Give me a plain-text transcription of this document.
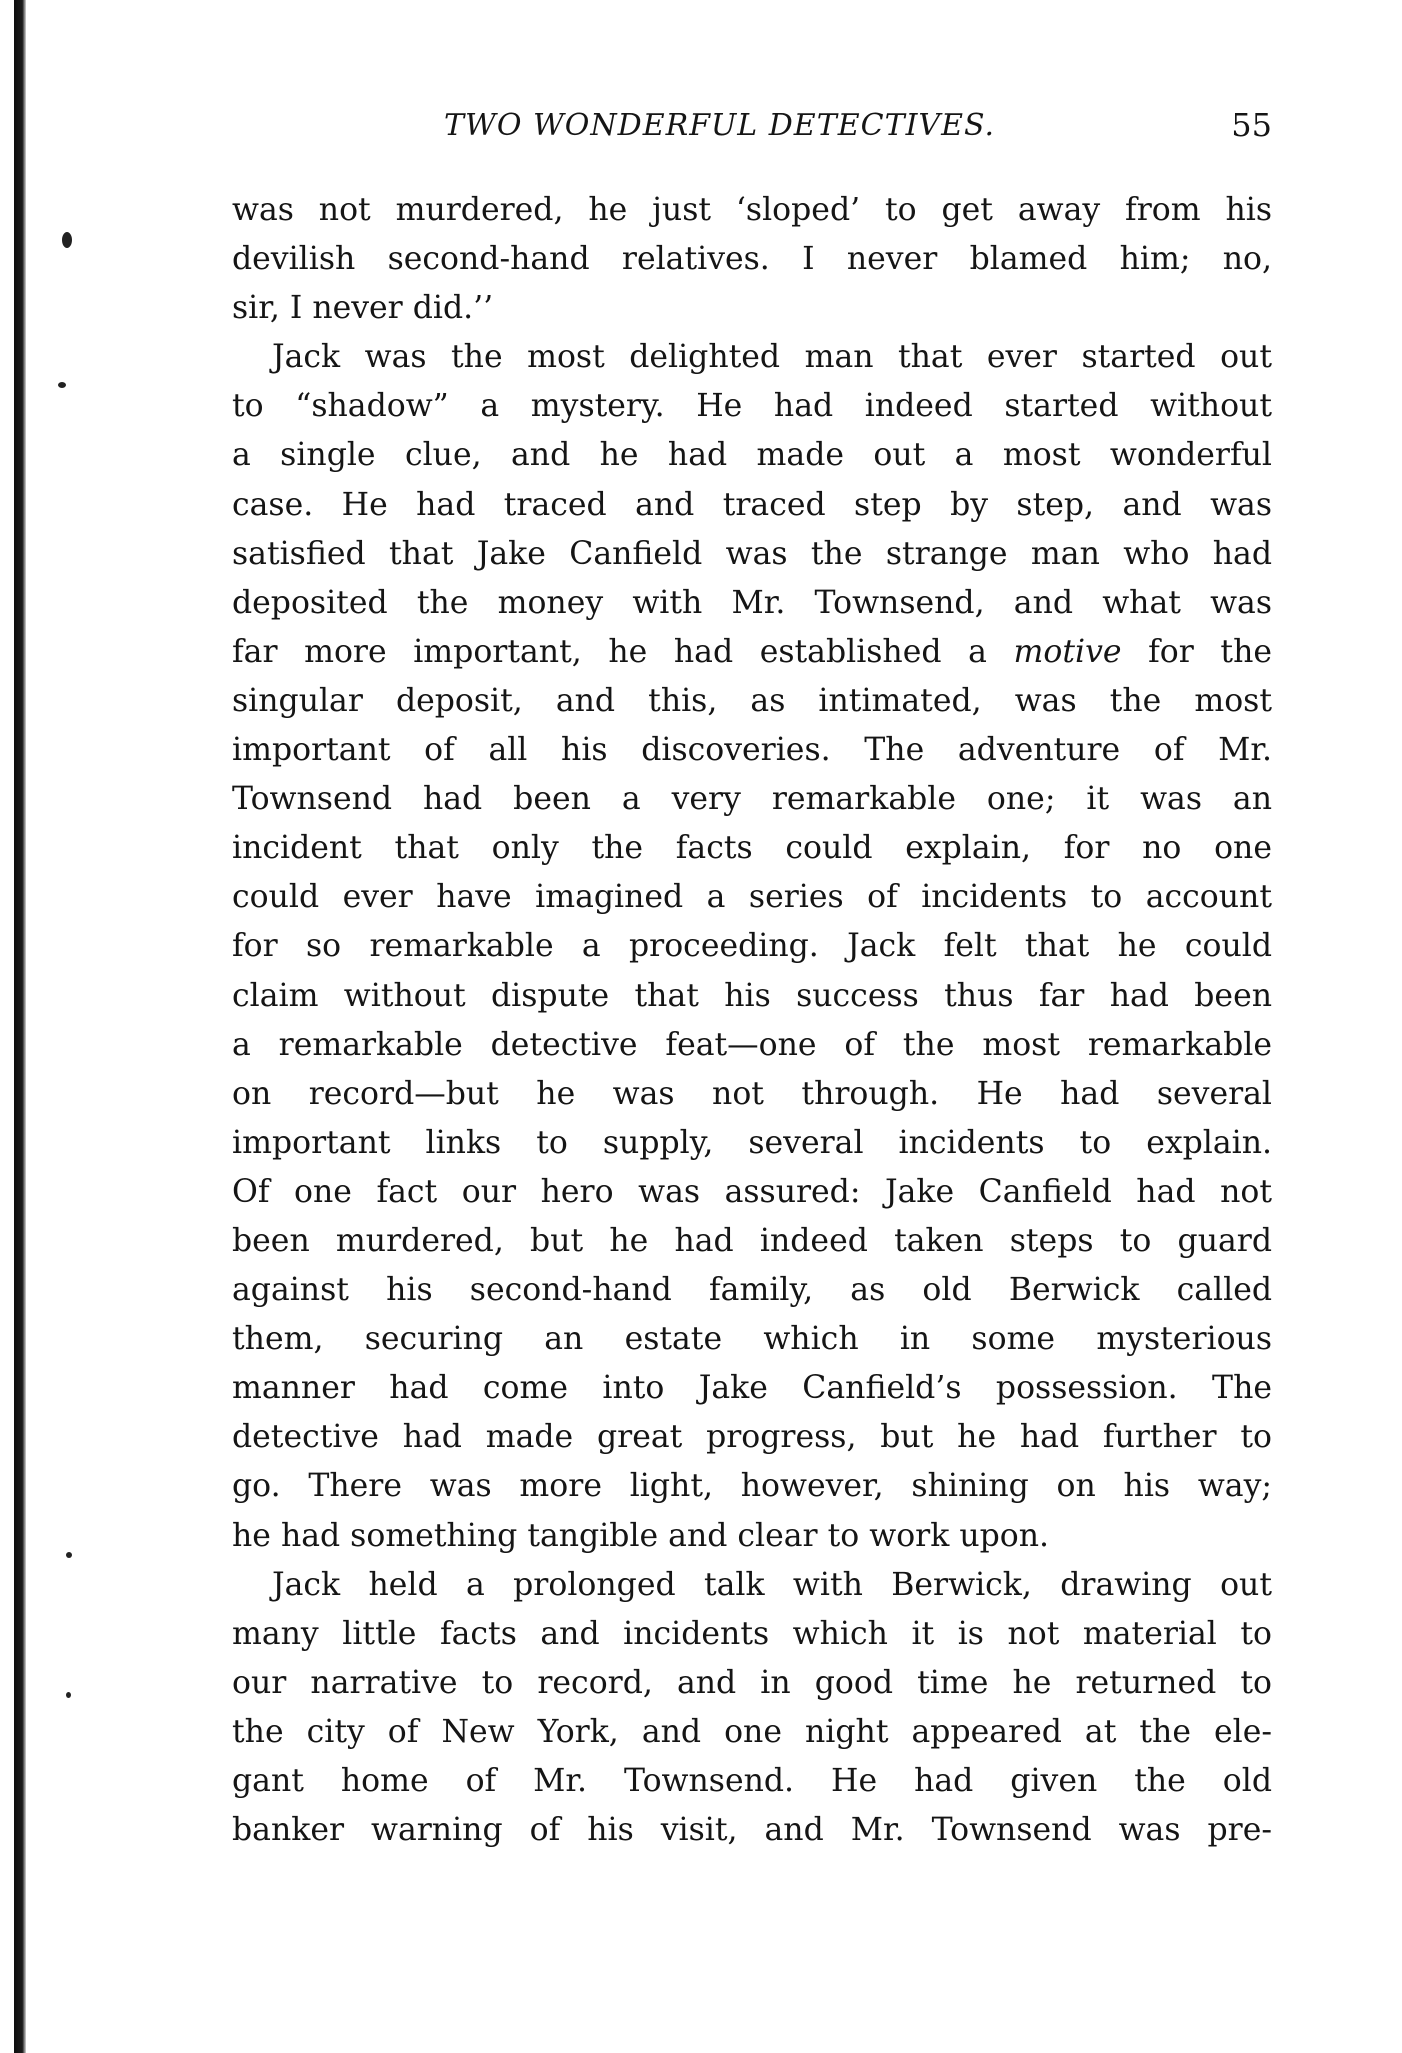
TWO WONDERFUL DETECTIVES.	55
was not murdered, he just ‘sloped’ to get away from his
devilish second-hand relatives. I never blamed him; no,
sir, I never did.’’
Jack was the most delighted man that ever started out
to “shadow” a mystery. He had indeed started without
a single clue, and he had made out a most wonderful
case. He had traced and traced step by step, and was
satisfied that Jake Canfield was the strange man who had
deposited the money with Mr. Townsend, and what was
far more important, he had established a motive for the
singular deposit, and this, as intimated, was the most
important of all his discoveries. The adventure of Mr.
Townsend had been a very remarkable one; it was an
incident that only the facts could explain, for no one
could ever have imagined a series of incidents to account
for so remarkable a proceeding. Jack felt that he could
claim without dispute that his success thus far had been
a remarkable detective feat—one of the most remarkable
on record—but he was not through. He had several
important links to supply, several incidents to explain.
Of one fact our hero was assured: Jake Canfield had not
been murdered, but he had indeed taken steps to guard
against his second-hand family, as old Berwick called
them, securing an estate which in some mysterious
manner had come into Jake Canfield’s possession. The
detective had made great progress, but he had further to
go. There was more light, however, shining on his way;
he had something tangible and clear to work upon.
Jack held a prolonged talk with Berwick, drawing out
many little facts and incidents which it is not material to
our narrative to record, and in good time he returned to
the city of New York, and one night appeared at the ele-
gant home of Mr. Townsend. He had given the old
banker warning of his visit, and Mr. Townsend was pre-
